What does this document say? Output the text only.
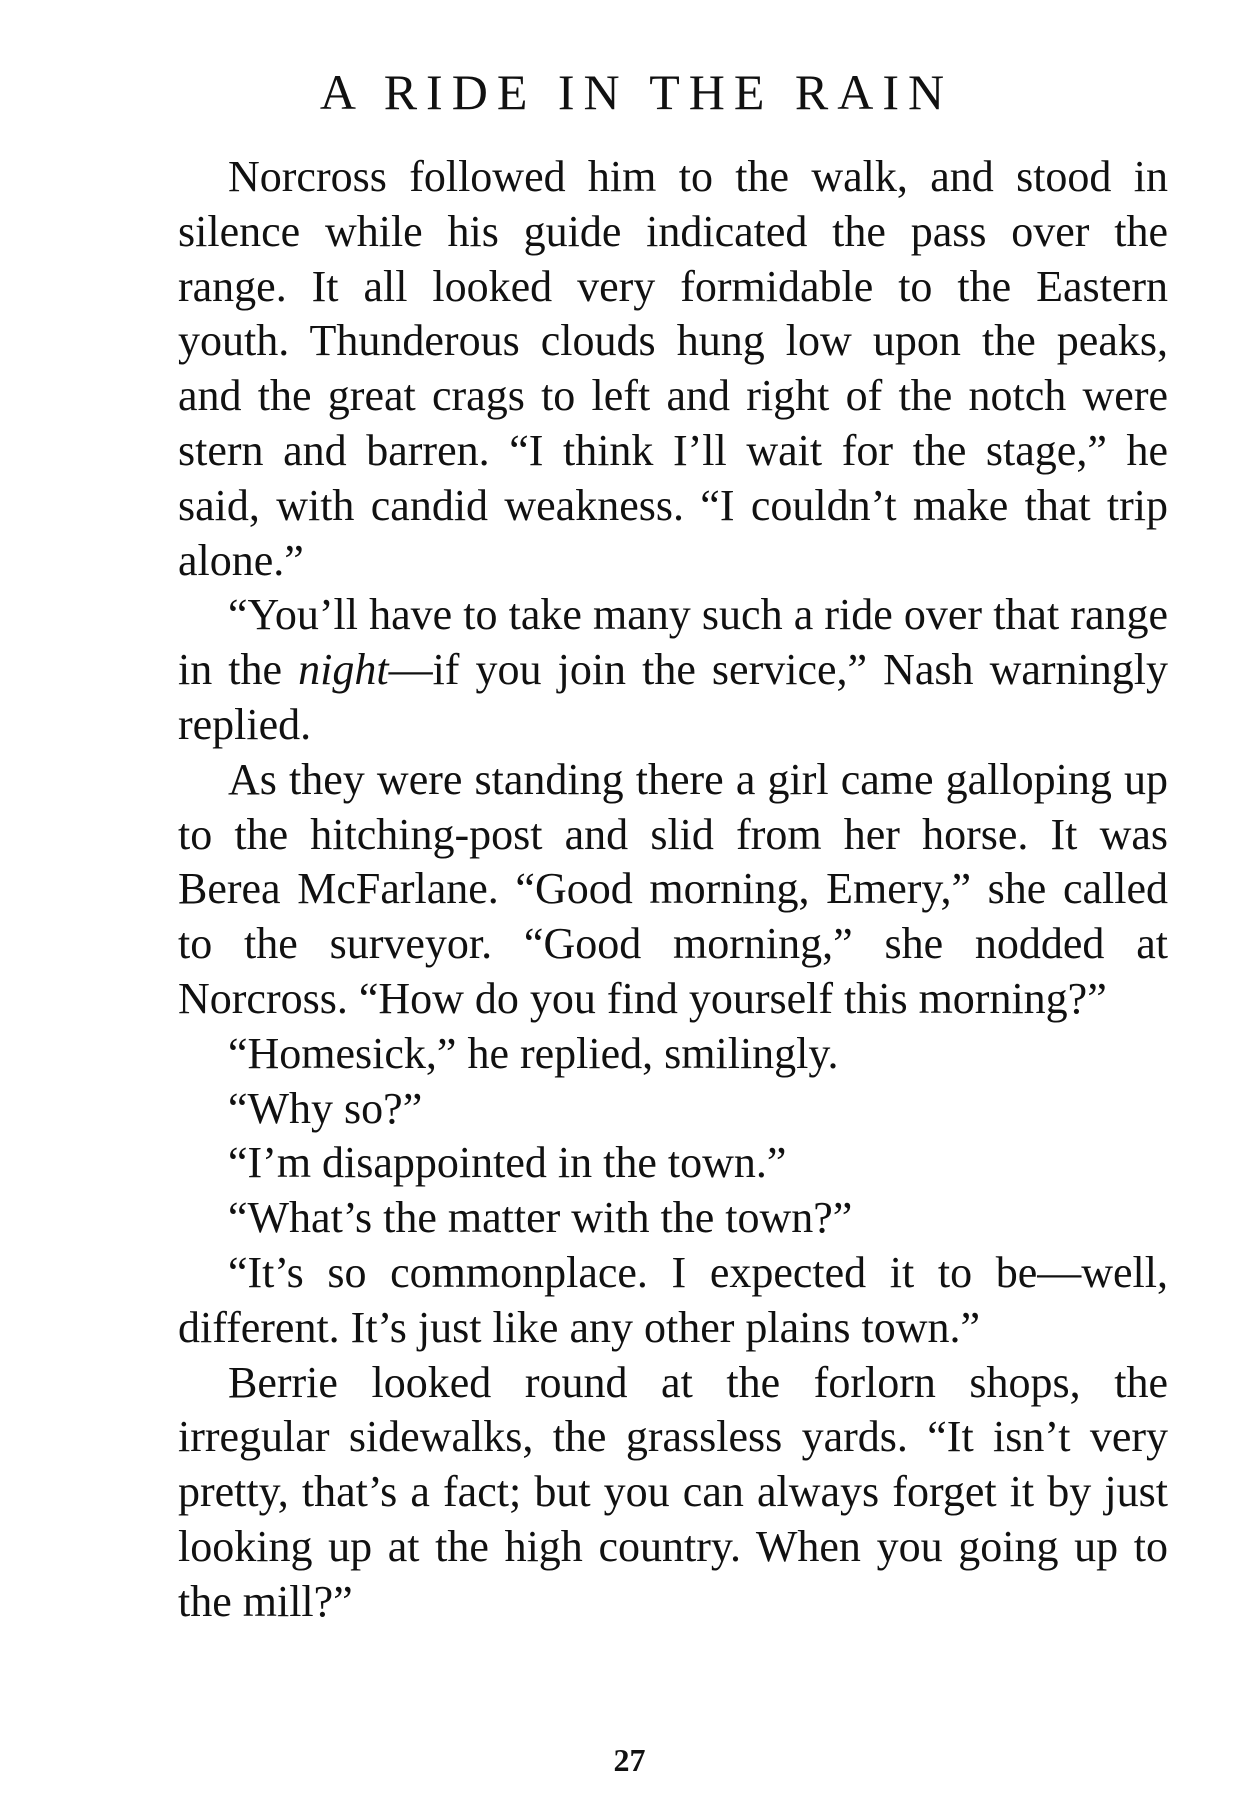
A RIDE IN THE RAIN

Norcross followed him to the walk, and stood in silence while his guide indicated the pass over the range. It all looked very formidable to the Eastern youth. Thunderous clouds hung low upon the peaks, and the great crags to left and right of the notch were stern and barren. “I think I’ll wait for the stage,” he said, with candid weakness. “I couldn’t make that trip alone.”

“You’ll have to take many such a ride over that range in the night—if you join the service,” Nash warningly replied.

As they were standing there a girl came galloping up to the hitching-post and slid from her horse. It was Berea McFarlane. “Good morning, Emery,” she called to the surveyor. “Good morning,” she nodded at Norcross. “How do you find yourself this morning?”

“Homesick,” he replied, smilingly.

“Why so?”

“I’m disappointed in the town.”

“What’s the matter with the town?”

“It’s so commonplace. I expected it to be—well, different. It’s just like any other plains town.”

Berrie looked round at the forlorn shops, the irregular sidewalks, the grassless yards. “It isn’t very pretty, that’s a fact; but you can always forget it by just looking up at the high country. When you going up to the mill?”

27
